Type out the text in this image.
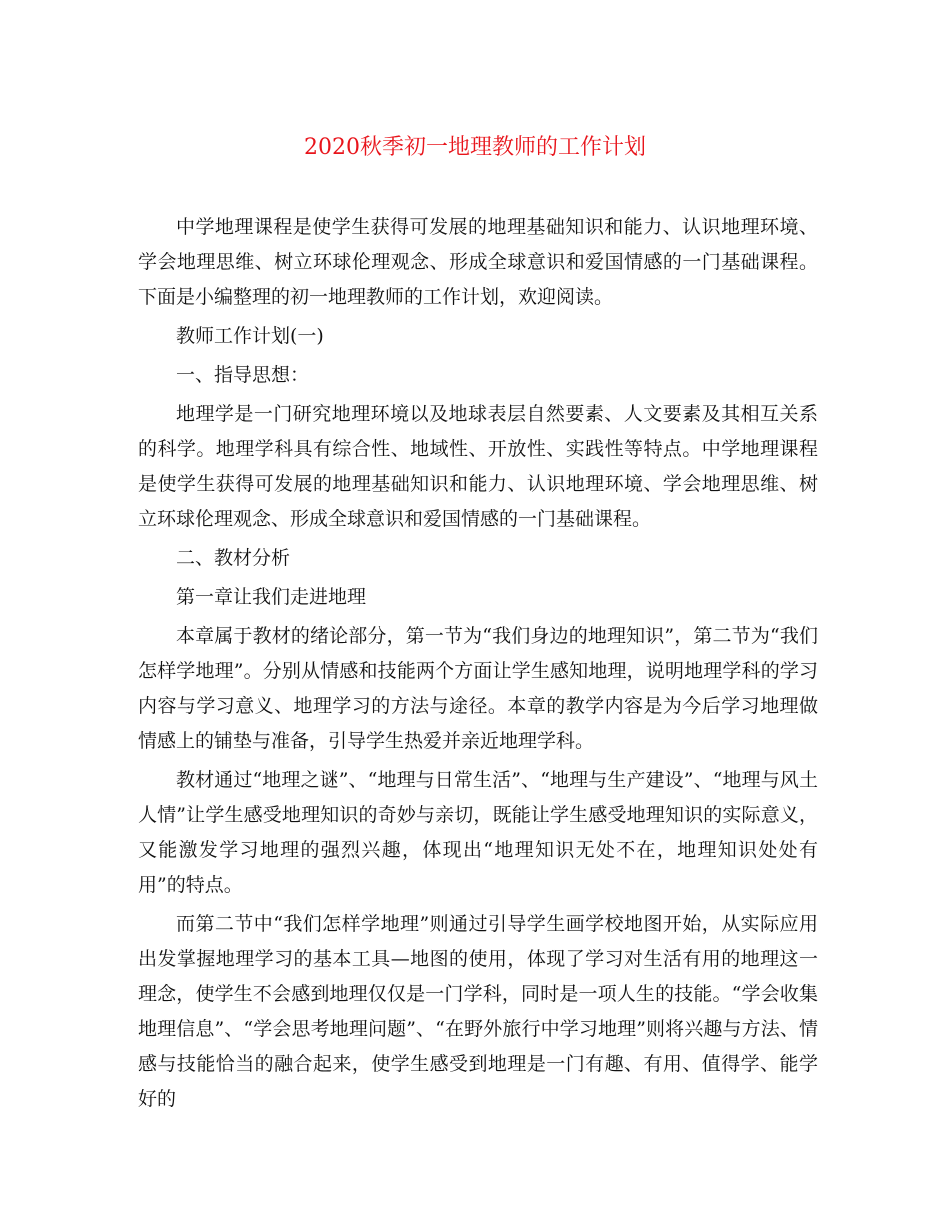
2020秋季初一地理教师的工作计划

中学地理课程是使学生获得可发展的地理基础知识和能力、认识地理环境、学会地理思维、树立环球伦理观念、形成全球意识和爱国情感的一门基础课程。下面是小编整理的初一地理教师的工作计划，欢迎阅读。

教师工作计划(一)

一、指导思想：

地理学是一门研究地理环境以及地球表层自然要素、人文要素及其相互关系的科学。地理学科具有综合性、地域性、开放性、实践性等特点。中学地理课程是使学生获得可发展的地理基础知识和能力、认识地理环境、学会地理思维、树立环球伦理观念、形成全球意识和爱国情感的一门基础课程。

二、教材分析

第一章让我们走进地理

本章属于教材的绪论部分，第一节为“我们身边的地理知识”，第二节为“我们怎样学地理”。分别从情感和技能两个方面让学生感知地理，说明地理学科的学习内容与学习意义、地理学习的方法与途径。本章的教学内容是为今后学习地理做情感上的铺垫与准备，引导学生热爱并亲近地理学科。

教材通过“地理之谜”、“地理与日常生活”、“地理与生产建设”、“地理与风土人情”让学生感受地理知识的奇妙与亲切，既能让学生感受地理知识的实际意义，又能激发学习地理的强烈兴趣，体现出“地理知识无处不在，地理知识处处有用”的特点。

而第二节中“我们怎样学地理”则通过引导学生画学校地图开始，从实际应用出发掌握地理学习的基本工具—地图的使用，体现了学习对生活有用的地理这一理念，使学生不会感到地理仅仅是一门学科，同时是一项人生的技能。“学会收集地理信息”、“学会思考地理问题”、“在野外旅行中学习地理”则将兴趣与方法、情感与技能恰当的融合起来，使学生感受到地理是一门有趣、有用、值得学、能学好的
